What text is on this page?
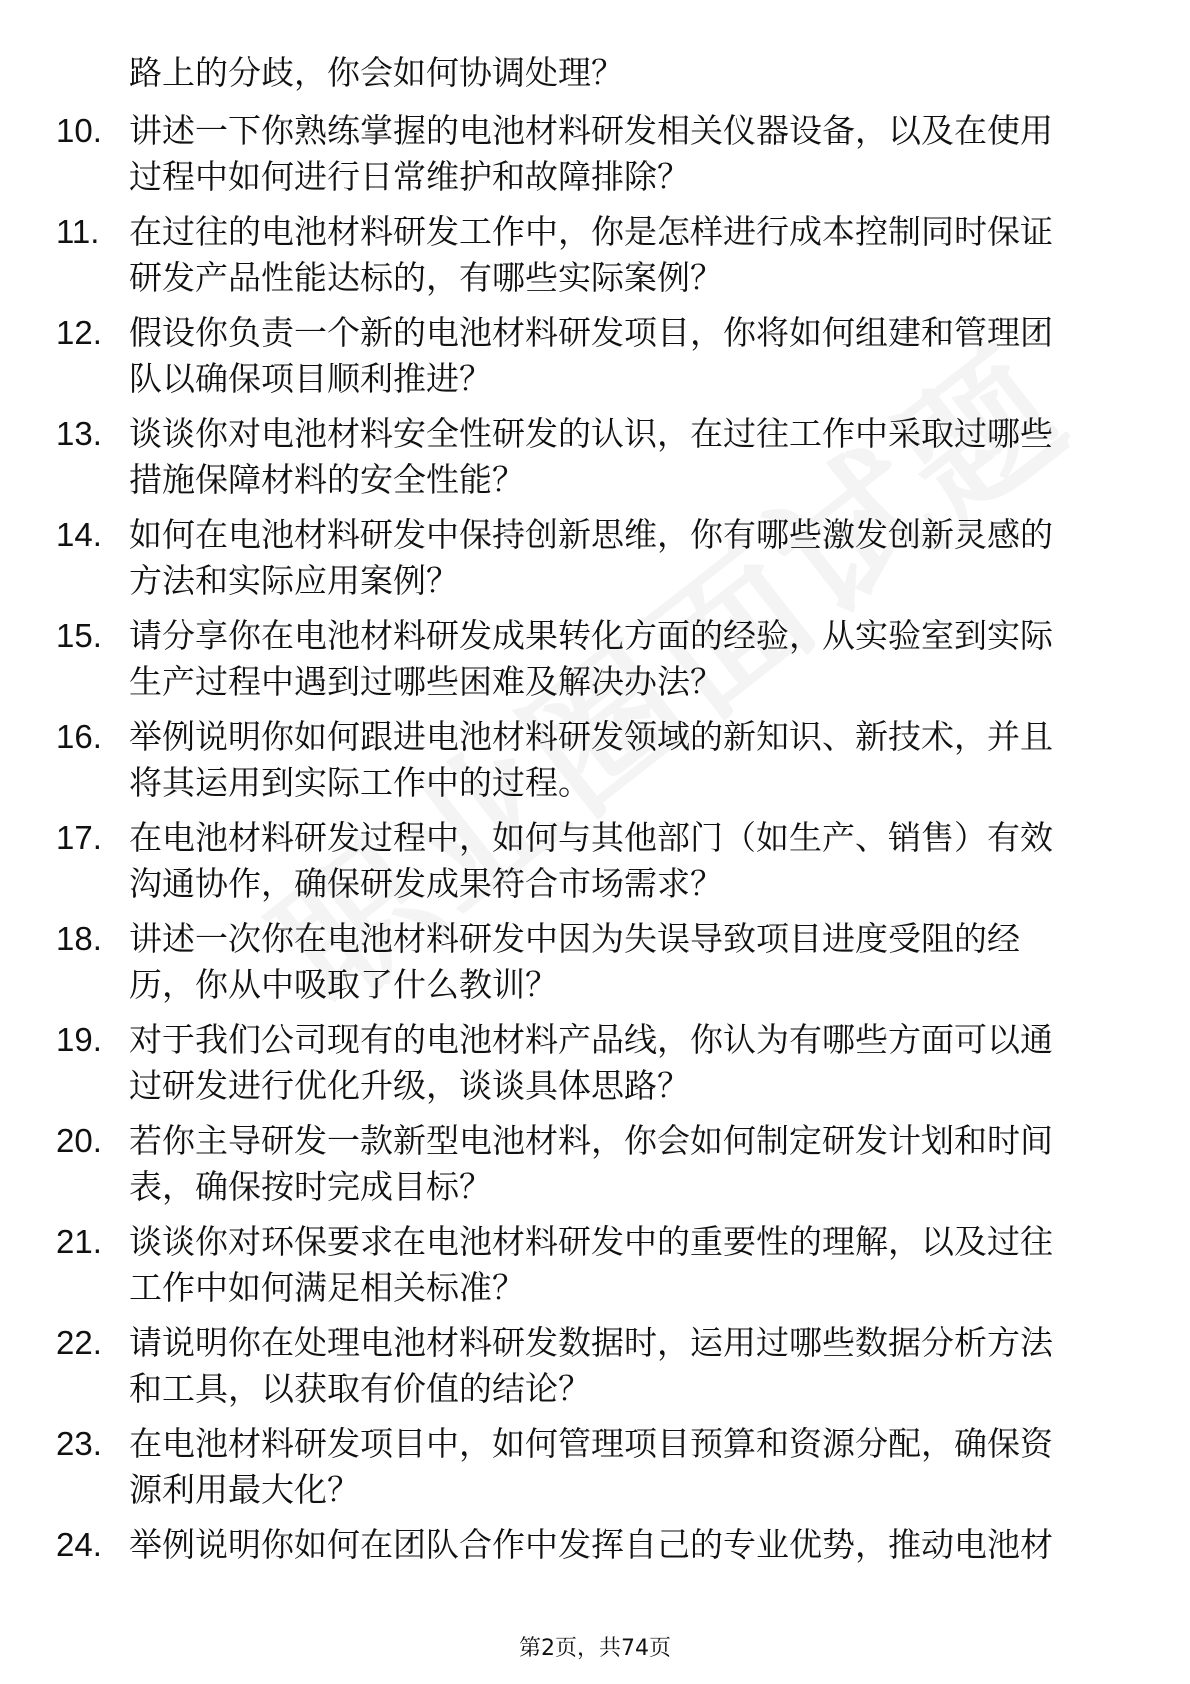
路上的分歧，你会如何协调处理？
10. 讲述一下你熟练掌握的电池材料研发相关仪器设备，以及在使用
过程中如何进行日常维护和故障排除？
11. 在过往的电池材料研发工作中，你是怎样进行成本控制同时保证
研发产品性能达标的，有哪些实际案例？
12. 假设你负责一个新的电池材料研发项目，你将如何组建和管理团
队以确保项目顺利推进？
13. 谈谈你对电池材料安全性研发的认识，在过往工作中采取过哪些
措施保障材料的安全性能？
14. 如何在电池材料研发中保持创新思维，你有哪些激发创新灵感的
方法和实际应用案例？
15. 请分享你在电池材料研发成果转化方面的经验，从实验室到实际
生产过程中遇到过哪些困难及解决办法？
16. 举例说明你如何跟进电池材料研发领域的新知识、新技术，并且
将其运用到实际工作中的过程。
17. 在电池材料研发过程中，如何与其他部门（如生产、销售）有效
沟通协作，确保研发成果符合市场需求？
18. 讲述一次你在电池材料研发中因为失误导致项目进度受阻的经
历，你从中吸取了什么教训？
19. 对于我们公司现有的电池材料产品线，你认为有哪些方面可以通
过研发进行优化升级，谈谈具体思路？
20. 若你主导研发一款新型电池材料，你会如何制定研发计划和时间
表，确保按时完成目标？
21. 谈谈你对环保要求在电池材料研发中的重要性的理解，以及过往
工作中如何满足相关标准？
22. 请说明你在处理电池材料研发数据时，运用过哪些数据分析方法
和工具，以获取有价值的结论？
23. 在电池材料研发项目中，如何管理项目预算和资源分配，确保资
源利用最大化？
24. 举例说明你如何在团队合作中发挥自己的专业优势，推动电池材
第2页，共74页
